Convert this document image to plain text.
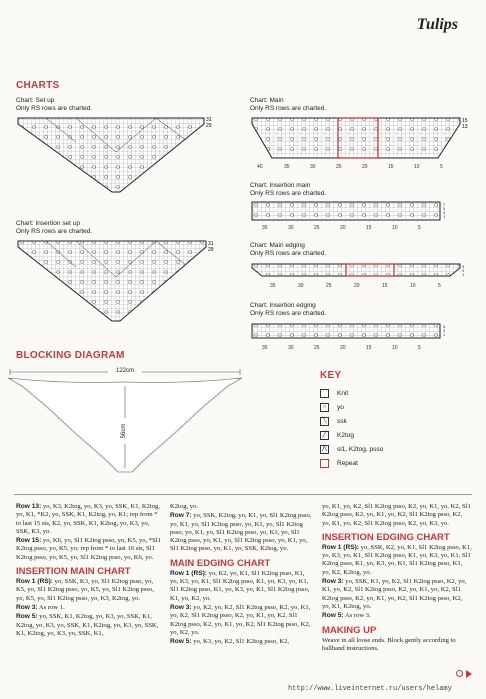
Tulips
CHARTS
Chart: Set up
Only RS rows are charted.
31
29
Chart: Insertion set up
Only RS rows are charted.
31
29
Chart: Main
Only RS rows are charted.
15
13
40	35	30	25	20	15	10	5
Chart: Insertion main
Only RS rows are charted.
7
5
3
1
35	30	25	20	15	10	5
Chart: Main edging
Only RS rows are charted.
5
3
1
35	30	25	20	15	10	5
Chart: Insertion edging
Only RS rows are charted.
5
3
1
35	30	25	20	15	10	5
BLOCKING DIAGRAM
122cm
56cm
KEY
Knit
○	yo
╲	ssk
╱	K2tog
⋀	sl1, K2tog, psso
Repeat
Row 13: yo, K3, K2tog, yo, K3, yo, SSK, K1, K2tog, yo, K1, *K2, yo, SSK, K1, K2tog, yo, K1; rep from * to last 15 sts, K2, yo, SSK, K1, K2tog, yo, K3, yo, SSK, K3, yo.
Row 15: yo, K6, yo, Sl1 K2tog psso, yo, K5, yo, *Sl1 K2tog psso, yo, K5, yo; rep from * to last 16 sts, Sl1 K2tog psso, yo, K5, yo, Sl1 K2tog psso, yo, K6, yo.
INSERTION MAIN CHART
Row 1 (RS): yo, SSK, K3, yo, Sl1 K2tog psso, yo, K5, yo, Sl1 K2tog psso, yo, K5, yo, Sl1 K2tog psso, yo, K5, yo, Sl1 K2tog psso, yo, K3, K2tog, yo.
Row 3: As row 1.
Row 5: yo, SSK, K1, K2tog, yo, K3, yo, SSK, K1, K2tog, yo, K3, yo, SSK, K1, K2tog, yo, K3, yo, SSK, K1, K2tog, yo, K3, yo, SSK, K1,
K2tog, yo.
Row 7: yo, SSK, K2tog, yo, K1, yo, Sl1 K2tog psso, yo, K1, yo, Sl1 K2tog psso, yo, K1, yo, Sl1 K2tog psso, yo, K1, yo, Sl1 K2tog psso, yo, K1, yo, Sl1 K2tog psso, yo, K1, yo, Sl1 K2tog psso, yo, K1, yo, Sl1 K2tog psso, yo, K1, yo, SSK, K2tog, yo.
MAIN EDGING CHART
Row 1 (RS): yo, K2, yo, K1, Sl1 K2tog psso, K1, yo, K3, yo, K1, Sl1 K2tog psso, K1, yo, K3, yo, K1, Sl1 K2tog psso, K1, yo, K3, yo, K1, Sl1 K2tog psso, K1, yo, K2, yo.
Row 3: yo, K2, yo, K2, Sl1 K2tog psso, K2, yo, K1, yo, K2, Sl1 K2tog psso, K2, yo, K1, yo, K2, Sl1 K2tog psso, K2, yo, K1, yo, K2, Sl1 K2tog psso, K2, yo, K2, yo.
Row 5: yo, K3, yo, K2, Sl1 K2tog psso, K2,
yo, K1, yo, K2, Sl1 K2tog psso, K2, yo, K1, yo, K2, Sl1 K2tog psso, K2, yo, K1, yo, K2, Sl1 K2tog psso, K2, yo, K1, yo, K2, Sl1 K2tog psso, K2, yo, K3, yo.
INSERTION EDGING CHART
Row 1 (RS): yo, SSK, K2, yo, K1, Sl1 K2tog psso, K1, yo, K3, yo, K1, Sl1 K2tog psso, K1, yo, K3, yo, K1, Sl1 K2tog psso, K1, yo, K3, yo, K1, Sl1 K2tog psso, K1, yo, K2, K2tog, yo.
Row 3: yo, SSK, K1, yo, K2, Sl1 K2tog psso, K2, yo, K1, yo, K2, Sl1 K2tog psso, K2, yo, K1, yo, K2, Sl1 K2tog psso, K2, yo, K1, yo, K2, Sl1 K2tog psso, K2, yo, K1, K2tog, yo.
Row 5: As row 3.
MAKING UP
Weave in all loose ends. Block gently according to ballband instructions.
http://www.liveinternet.ru/users/helamy
